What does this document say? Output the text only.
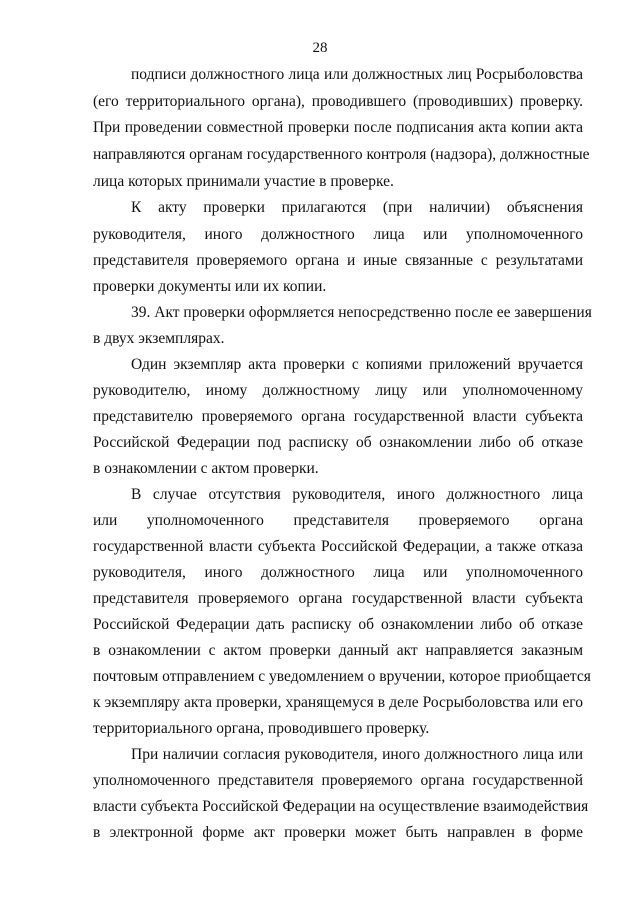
28
подписи должностного лица или должностных лиц Росрыболовства
(его территориального органа), проводившего (проводивших) проверку.
При проведении совместной проверки после подписания акта копии акта
направляются органам государственного контроля (надзора), должностные
лица которых принимали участие в проверке.
К акту проверки прилагаются (при наличии) объяснения
руководителя, иного должностного лица или уполномоченного
представителя проверяемого органа и иные связанные с результатами
проверки документы или их копии.
39. Акт проверки оформляется непосредственно после ее завершения
в двух экземплярах.
Один экземпляр акта проверки с копиями приложений вручается
руководителю, иному должностному лицу или уполномоченному
представителю проверяемого органа государственной власти субъекта
Российской Федерации под расписку об ознакомлении либо об отказе
в ознакомлении с актом проверки.
В случае отсутствия руководителя, иного должностного лица
или уполномоченного представителя проверяемого органа
государственной власти субъекта Российской Федерации, а также отказа
руководителя, иного должностного лица или уполномоченного
представителя проверяемого органа государственной власти субъекта
Российской Федерации дать расписку об ознакомлении либо об отказе
в ознакомлении с актом проверки данный акт направляется заказным
почтовым отправлением с уведомлением о вручении, которое приобщается
к экземпляру акта проверки, хранящемуся в деле Росрыболовства или его
территориального органа, проводившего проверку.
При наличии согласия руководителя, иного должностного лица или
уполномоченного представителя проверяемого органа государственной
власти субъекта Российской Федерации на осуществление взаимодействия
в электронной форме акт проверки может быть направлен в форме
